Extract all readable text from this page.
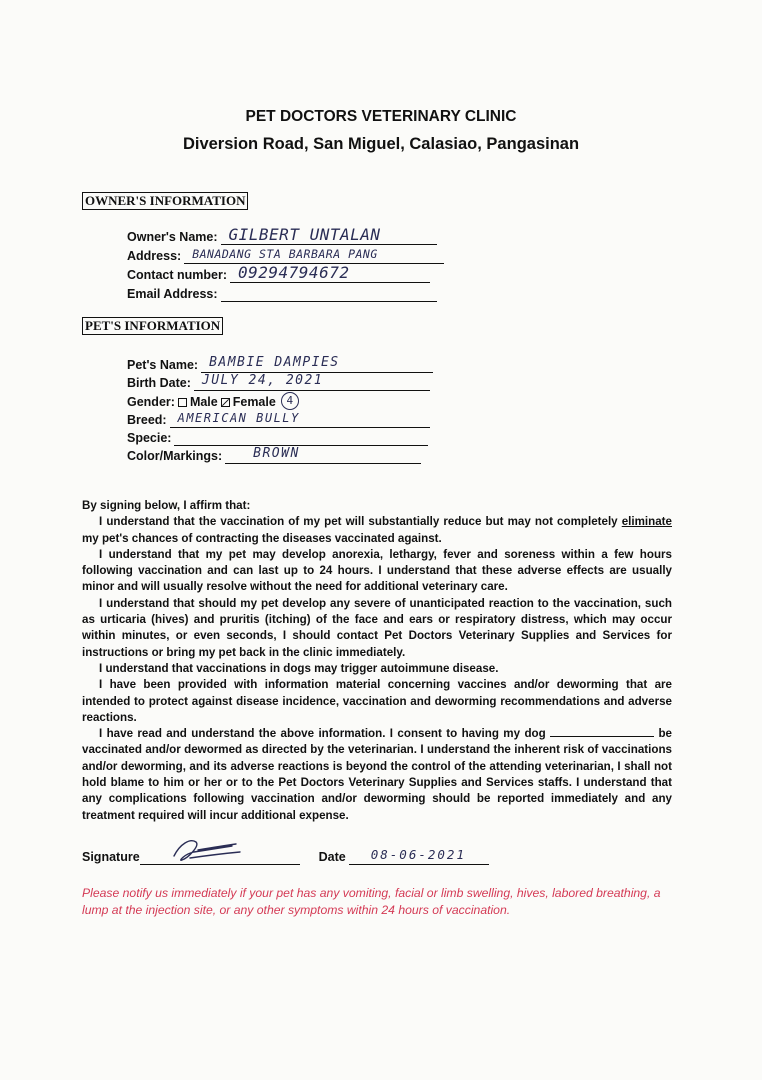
PET DOCTORS VETERINARY CLINIC
Diversion Road, San Miguel, Calasiao, Pangasinan
OWNER'S INFORMATION
Owner's Name: GILBERT UNTALAN
Address: BANADANG STA BARBARA PANG
Contact number: 09294794672
Email Address:
PET'S INFORMATION
Pet's Name: BAMBIE DAMPIES
Birth Date: JULY 24, 2021
Gender: Male Female 4
Breed: AMERICAN BULLY
Specie:
Color/Markings: BROWN

By signing below, I affirm that:

I understand that the vaccination of my pet will substantially reduce but may not completely eliminate my pet's chances of contracting the diseases vaccinated against.

I understand that my pet may develop anorexia, lethargy, fever and soreness within a few hours following vaccination and can last up to 24 hours. I understand that these adverse effects are usually minor and will usually resolve without the need for additional veterinary care.

I understand that should my pet develop any severe of unanticipated reaction to the vaccination, such as urticaria (hives) and pruritis (itching) of the face and ears or respiratory distress, which may occur within minutes, or even seconds, I should contact Pet Doctors Veterinary Supplies and Services for instructions or bring my pet back in the clinic immediately.

I understand that vaccinations in dogs may trigger autoimmune disease.

I have been provided with information material concerning vaccines and/or deworming that are intended to protect against disease incidence, vaccination and deworming recommendations and adverse reactions.

I have read and understand the above information. I consent to having my dog	be vaccinated and/or dewormed as directed by the veterinarian. I understand the inherent risk of vaccinations and/or deworming, and its adverse reactions is beyond the control of the attending veterinarian, I shall not hold blame to him or her or to the Pet Doctors Veterinary Supplies and Services staffs. I understand that any complications following vaccination and/or deworming should be reported immediately and any treatment required will incur additional expense.

Signature	Date 08-06-2021
Please notify us immediately if your pet has any vomiting, facial or limb swelling, hives, labored breathing, a lump at the injection site, or any other symptoms within 24 hours of vaccination.
